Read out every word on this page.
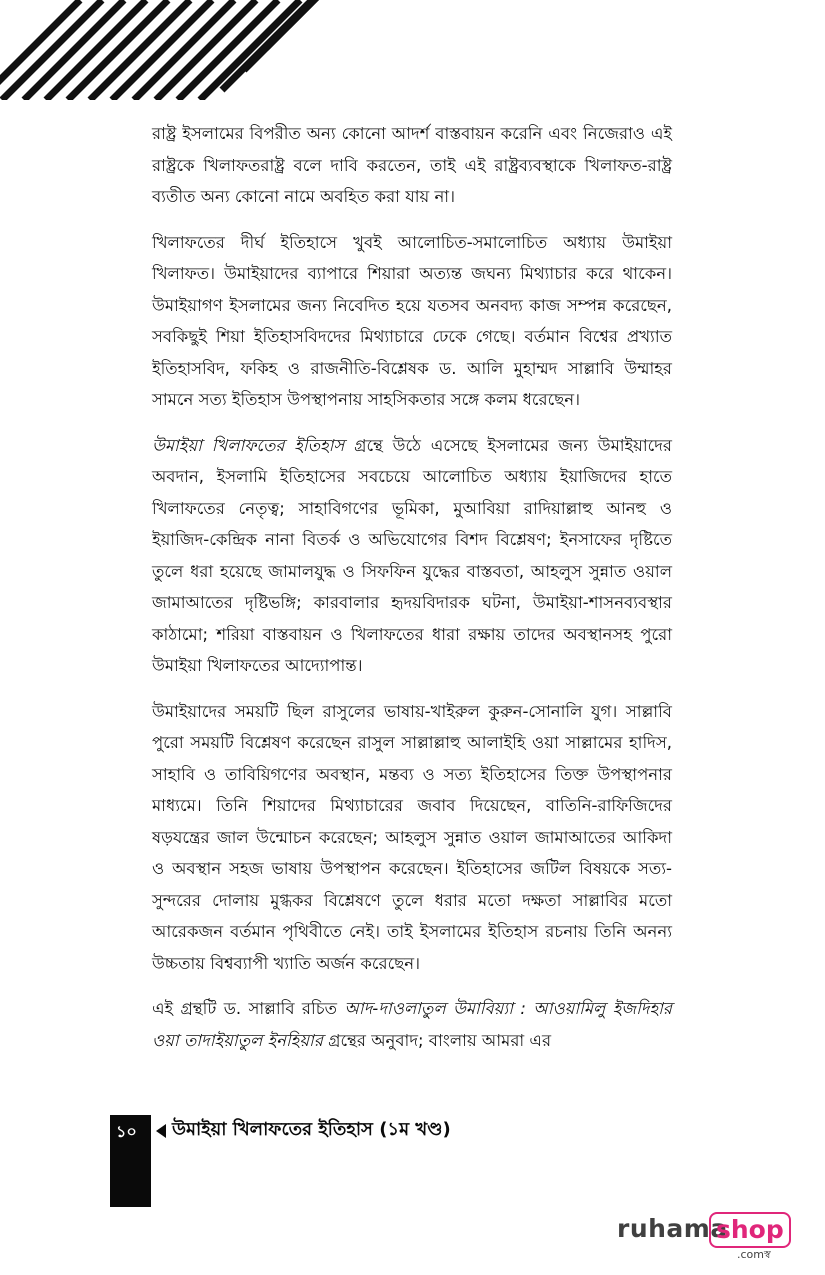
রাষ্ট্র ইসলামের বিপরীত অন্য কোনো আদর্শ বাস্তবায়ন করেনি এবং নিজেরাও এই রাষ্ট্রকে খিলাফতরাষ্ট্র বলে দাবি করতেন, তাই এই রাষ্ট্রব্যবস্থাকে খিলাফত-রাষ্ট্র ব্যতীত অন্য কোনো নামে অবহিত করা যায় না।

খিলাফতের দীর্ঘ ইতিহাসে খুবই আলোচিত-সমালোচিত অধ্যায় উমাইয়া খিলাফত। উমাইয়াদের ব্যাপারে শিয়ারা অত্যন্ত জঘন্য মিথ্যাচার করে থাকেন। উমাইয়াগণ ইসলামের জন্য নিবেদিত হয়ে যতসব অনবদ্য কাজ সম্পন্ন করেছেন, সবকিছুই শিয়া ইতিহাসবিদদের মিথ্যাচারে ঢেকে গেছে। বর্তমান বিশ্বের প্রখ্যাত ইতিহাসবিদ, ফকিহ ও রাজনীতি-বিশ্লেষক ড. আলি মুহাম্মদ সাল্লাবি উম্মাহর সামনে সত্য ইতিহাস উপস্থাপনায় সাহসিকতার সঙ্গে কলম ধরেছেন।

উমাইয়া খিলাফতের ইতিহাস গ্রন্থে উঠে এসেছে ইসলামের জন্য উমাইয়াদের অবদান, ইসলামি ইতিহাসের সবচেয়ে আলোচিত অধ্যায় ইয়াজিদের হাতে খিলাফতের নেতৃত্ব; সাহাবিগণের ভূমিকা, মুআবিয়া রাদিয়াল্লাহু আনহু ও ইয়াজিদ-কেন্দ্রিক নানা বিতর্ক ও অভিযোগের বিশদ বিশ্লেষণ; ইনসাফের দৃষ্টিতে তুলে ধরা হয়েছে জামালযুদ্ধ ও সিফফিন যুদ্ধের বাস্তবতা, আহলুস সুন্নাত ওয়াল জামাআতের দৃষ্টিভঙ্গি; কারবালার হৃদয়বিদারক ঘটনা, উমাইয়া-শাসনব্যবস্থার কাঠামো; শরিয়া বাস্তবায়ন ও খিলাফতের ধারা রক্ষায় তাদের অবস্থানসহ পুরো উমাইয়া খিলাফতের আদ্যোপান্ত।

উমাইয়াদের সময়টি ছিল রাসুলের ভাষায়-খাইরুল কুরুন-সোনালি যুগ। সাল্লাবি পুরো সময়টি বিশ্লেষণ করেছেন রাসুল সাল্লাল্লাহু আলাইহি ওয়া সাল্লামের হাদিস, সাহাবি ও তাবিয়িগণের অবস্থান, মন্তব্য ও সত্য ইতিহাসের তিক্ত উপস্থাপনার মাধ্যমে। তিনি শিয়াদের মিথ্যাচারের জবাব দিয়েছেন, বাতিনি-রাফিজিদের ষড়যন্ত্রের জাল উন্মোচন করেছেন; আহলুস সুন্নাত ওয়াল জামাআতের আকিদা ও অবস্থান সহজ ভাষায় উপস্থাপন করেছেন। ইতিহাসের জটিল বিষয়কে সত্য-সুন্দরের দোলায় মুগ্ধকর বিশ্লেষণে তুলে ধরার মতো দক্ষতা সাল্লাবির মতো আরেকজন বর্তমান পৃথিবীতে নেই। তাই ইসলামের ইতিহাস রচনায় তিনি অনন্য উচ্চতায় বিশ্বব্যাপী খ্যাতি অর্জন করেছেন।

এই গ্রন্থটি ড. সাল্লাবি রচিত আদ-দাওলাতুল উমাবিয়্যা : আওয়ামিলু ইজদিহার ওয়া তাদাইয়াতুল ইনহিয়ার গ্রন্থের অনুবাদ; বাংলায় আমরা এর

১০ উমাইয়া খিলাফতের ইতিহাস (১ম খণ্ড)
ruhama
shop
.comস্ব
